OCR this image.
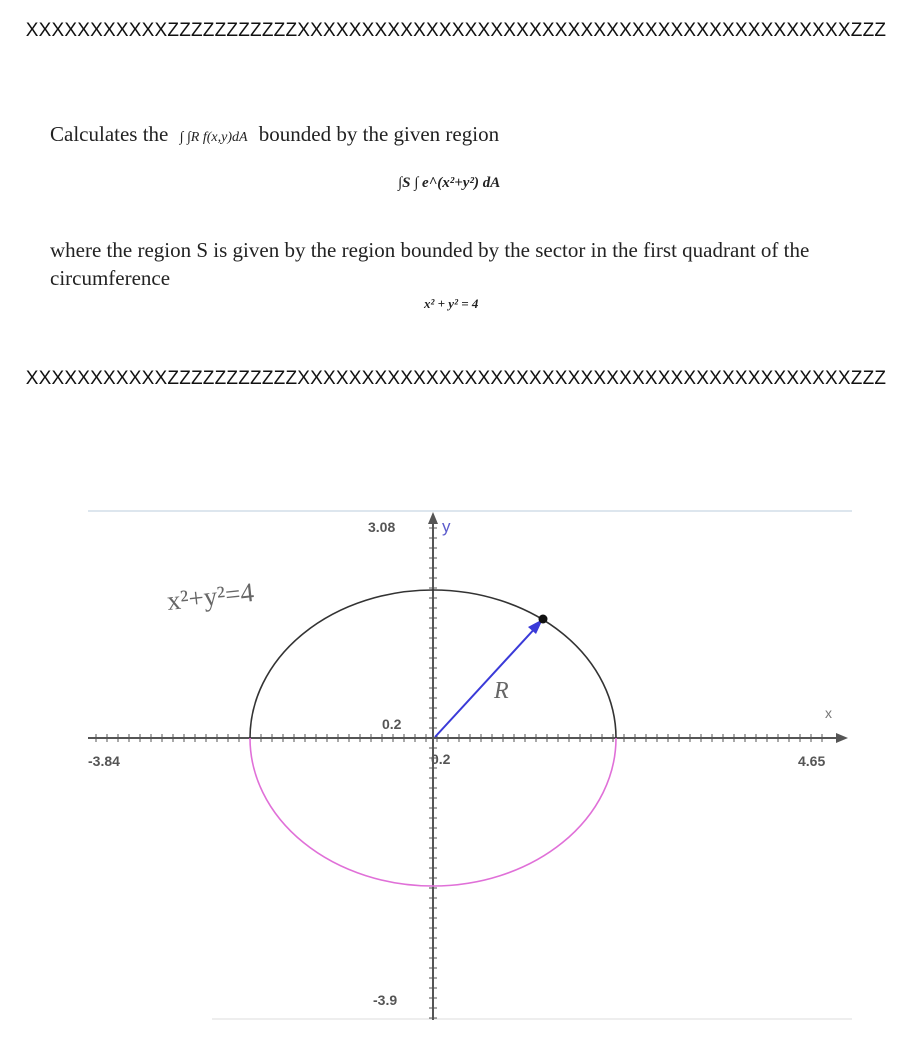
XXXXXXXXXXXZZZZZZZZZZZXXXXXXXXXXXXXXXXXXXXXXXXXXXXXXXXXXXXXXXXXXXZZZ
Calculates the ∫ ∫R f(x,y)dA bounded by the given region
∫S ∫ e^(x²+y²) dA
where the region S is given by the region bounded by the sector in the first quadrant of the circumference
x² + y² = 4
XXXXXXXXXXXZZZZZZZZZZZXXXXXXXXXXXXXXXXXXXXXXXXXXXXXXXXXXXXXXXXXXXZZZ
3.08
-3.9
-3.84	4.65
0.2
0.2
y
x
x²+y²=4
R
